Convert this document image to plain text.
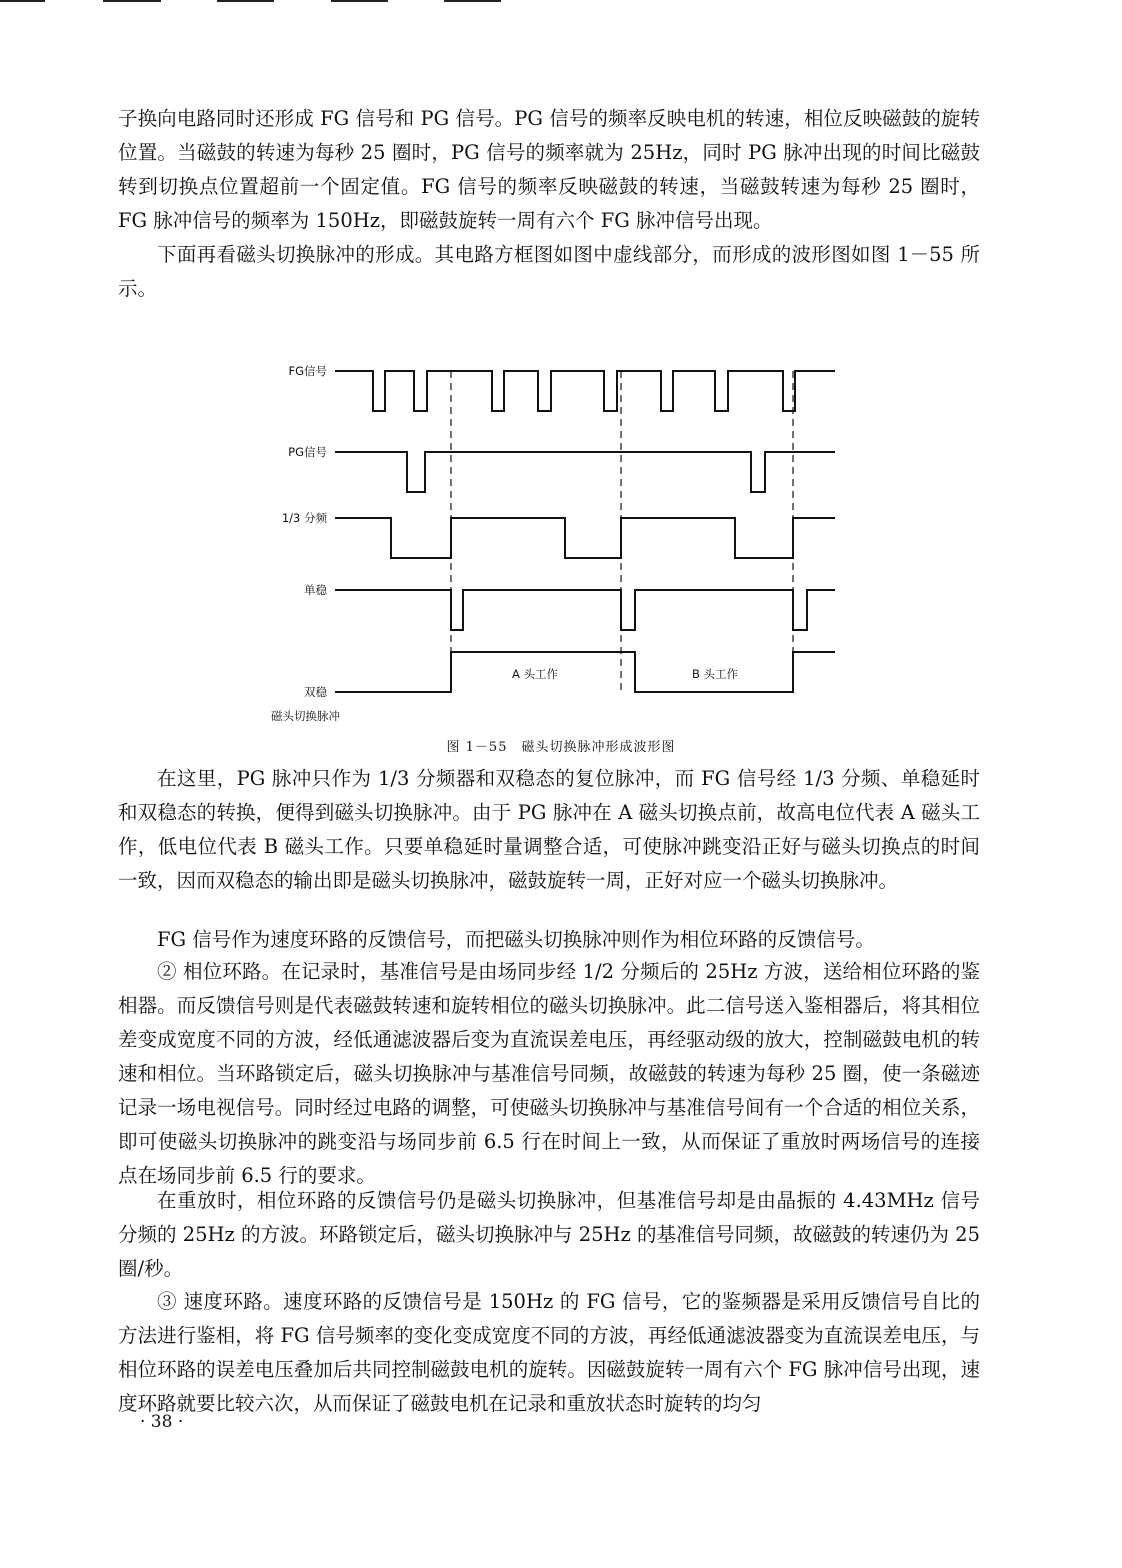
子换向电路同时还形成 FG 信号和 PG 信号。PG 信号的频率反映电机的转速，相位反映磁鼓的旋转位置。当磁鼓的转速为每秒 25 圈时，PG 信号的频率就为 25Hz，同时 PG 脉冲出现的时间比磁鼓转到切换点位置超前一个固定值。FG 信号的频率反映磁鼓的转速，当磁鼓转速为每秒 25 圈时，FG 脉冲信号的频率为 150Hz，即磁鼓旋转一周有六个 FG 脉冲信号出现。

下面再看磁头切换脉冲的形成。其电路方框图如图中虚线部分，而形成的波形图如图 1－55 所示。

FG信号
PG信号
1/3 分频
单稳
双稳
磁头切换脉冲
A 头工作	B 头工作
图 1－55　磁头切换脉冲形成波形图

在这里，PG 脉冲只作为 1/3 分频器和双稳态的复位脉冲，而 FG 信号经 1/3 分频、单稳延时和双稳态的转换，便得到磁头切换脉冲。由于 PG 脉冲在 A 磁头切换点前，故高电位代表 A 磁头工作，低电位代表 B 磁头工作。只要单稳延时量调整合适，可使脉冲跳变沿正好与磁头切换点的时间一致，因而双稳态的输出即是磁头切换脉冲，磁鼓旋转一周，正好对应一个磁头切换脉冲。

FG 信号作为速度环路的反馈信号，而把磁头切换脉冲则作为相位环路的反馈信号。

② 相位环路。在记录时，基准信号是由场同步经 1/2 分频后的 25Hz 方波，送给相位环路的鉴相器。而反馈信号则是代表磁鼓转速和旋转相位的磁头切换脉冲。此二信号送入鉴相器后，将其相位差变成宽度不同的方波，经低通滤波器后变为直流误差电压，再经驱动级的放大，控制磁鼓电机的转速和相位。当环路锁定后，磁头切换脉冲与基准信号同频，故磁鼓的转速为每秒 25 圈，使一条磁迹记录一场电视信号。同时经过电路的调整，可使磁头切换脉冲与基准信号间有一个合适的相位关系，即可使磁头切换脉冲的跳变沿与场同步前 6.5 行在时间上一致，从而保证了重放时两场信号的连接点在场同步前 6.5 行的要求。

在重放时，相位环路的反馈信号仍是磁头切换脉冲，但基准信号却是由晶振的 4.43MHz 信号分频的 25Hz 的方波。环路锁定后，磁头切换脉冲与 25Hz 的基准信号同频，故磁鼓的转速仍为 25 圈/秒。

③ 速度环路。速度环路的反馈信号是 150Hz 的 FG 信号，它的鉴频器是采用反馈信号自比的方法进行鉴相，将 FG 信号频率的变化变成宽度不同的方波，再经低通滤波器变为直流误差电压，与相位环路的误差电压叠加后共同控制磁鼓电机的旋转。因磁鼓旋转一周有六个 FG 脉冲信号出现，速度环路就要比较六次，从而保证了磁鼓电机在记录和重放状态时旋转的均匀

· 38 ·
